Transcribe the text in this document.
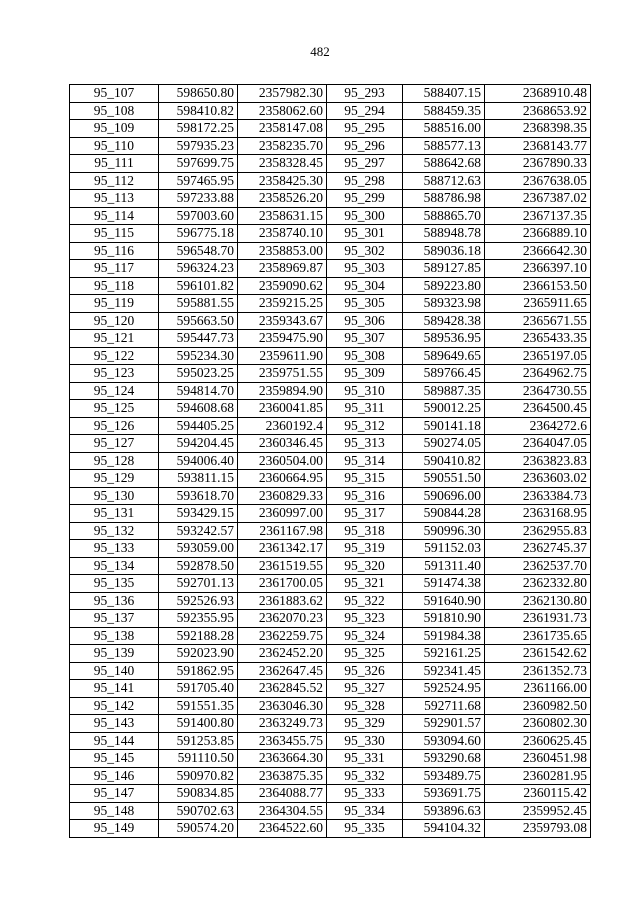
482
95_107	598650.80	2357982.30	95_293	588407.15	2368910.48
95_108	598410.82	2358062.60	95_294	588459.35	2368653.92
95_109	598172.25	2358147.08	95_295	588516.00	2368398.35
95_110	597935.23	2358235.70	95_296	588577.13	2368143.77
95_111	597699.75	2358328.45	95_297	588642.68	2367890.33
95_112	597465.95	2358425.30	95_298	588712.63	2367638.05
95_113	597233.88	2358526.20	95_299	588786.98	2367387.02
95_114	597003.60	2358631.15	95_300	588865.70	2367137.35
95_115	596775.18	2358740.10	95_301	588948.78	2366889.10
95_116	596548.70	2358853.00	95_302	589036.18	2366642.30
95_117	596324.23	2358969.87	95_303	589127.85	2366397.10
95_118	596101.82	2359090.62	95_304	589223.80	2366153.50
95_119	595881.55	2359215.25	95_305	589323.98	2365911.65
95_120	595663.50	2359343.67	95_306	589428.38	2365671.55
95_121	595447.73	2359475.90	95_307	589536.95	2365433.35
95_122	595234.30	2359611.90	95_308	589649.65	2365197.05
95_123	595023.25	2359751.55	95_309	589766.45	2364962.75
95_124	594814.70	2359894.90	95_310	589887.35	2364730.55
95_125	594608.68	2360041.85	95_311	590012.25	2364500.45
95_126	594405.25	2360192.4	95_312	590141.18	2364272.6
95_127	594204.45	2360346.45	95_313	590274.05	2364047.05
95_128	594006.40	2360504.00	95_314	590410.82	2363823.83
95_129	593811.15	2360664.95	95_315	590551.50	2363603.02
95_130	593618.70	2360829.33	95_316	590696.00	2363384.73
95_131	593429.15	2360997.00	95_317	590844.28	2363168.95
95_132	593242.57	2361167.98	95_318	590996.30	2362955.83
95_133	593059.00	2361342.17	95_319	591152.03	2362745.37
95_134	592878.50	2361519.55	95_320	591311.40	2362537.70
95_135	592701.13	2361700.05	95_321	591474.38	2362332.80
95_136	592526.93	2361883.62	95_322	591640.90	2362130.80
95_137	592355.95	2362070.23	95_323	591810.90	2361931.73
95_138	592188.28	2362259.75	95_324	591984.38	2361735.65
95_139	592023.90	2362452.20	95_325	592161.25	2361542.62
95_140	591862.95	2362647.45	95_326	592341.45	2361352.73
95_141	591705.40	2362845.52	95_327	592524.95	2361166.00
95_142	591551.35	2363046.30	95_328	592711.68	2360982.50
95_143	591400.80	2363249.73	95_329	592901.57	2360802.30
95_144	591253.85	2363455.75	95_330	593094.60	2360625.45
95_145	591110.50	2363664.30	95_331	593290.68	2360451.98
95_146	590970.82	2363875.35	95_332	593489.75	2360281.95
95_147	590834.85	2364088.77	95_333	593691.75	2360115.42
95_148	590702.63	2364304.55	95_334	593896.63	2359952.45
95_149	590574.20	2364522.60	95_335	594104.32	2359793.08
